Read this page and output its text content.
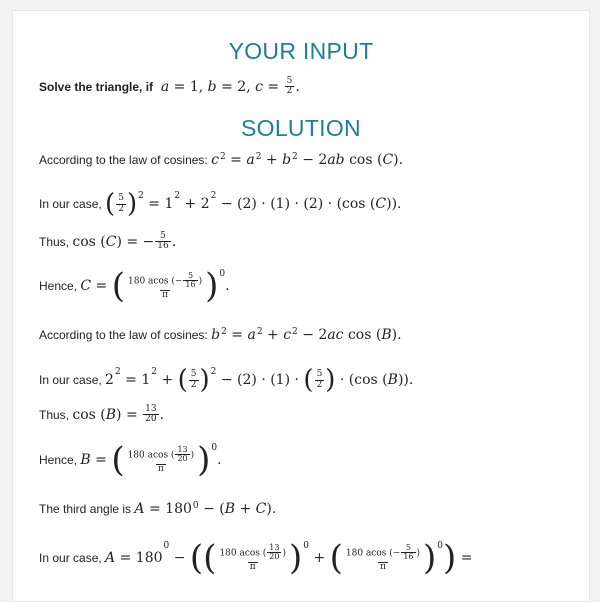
YOUR INPUT
Solve the triangle, if a = 1 , b = 2 , $c = \frac{5}{2}$ .
SOLUTION
According to the law of cosines:
c 2 = a 2 + b 2 − 2 ab cos ( C ).
In our case,
( $\frac{5}{2}$ ) 2 = 1 2 + 2 2 − (2) · (1) · (2) · (cos ( C )).
Thus,
cos ( C ) = − $\frac{5}{16}$ .
Hence,
C = ( $\frac{180 acos (- \frac{5}{16} )}{\pi}$ ) 0
.
According to the law of cosines:
b 2 = a 2 + c 2 − 2 ac cos ( B ).
In our case,
2 2 = 1 2 + ( $\frac{5}{2}$ ) 2 − (2) · (1) · ( $\frac{5}{2}$ ) · (cos ( B )).
Thus,
cos ( B ) = $\frac{13}{20}$ .
Hence,
B = ( $\frac{180 acos ( \frac{13}{20} )}{\pi}$ ) 0
.
The third angle is
A = 180 0 − ( B + C ).
In our case,
A = 180
0
− ( ( $\frac{180 acos ( \frac{13}{20} )}{\pi}$ ) 0
+ ( $\frac{180 acos (- \frac{5}{16} )}{\pi}$ ) 0 ) =
